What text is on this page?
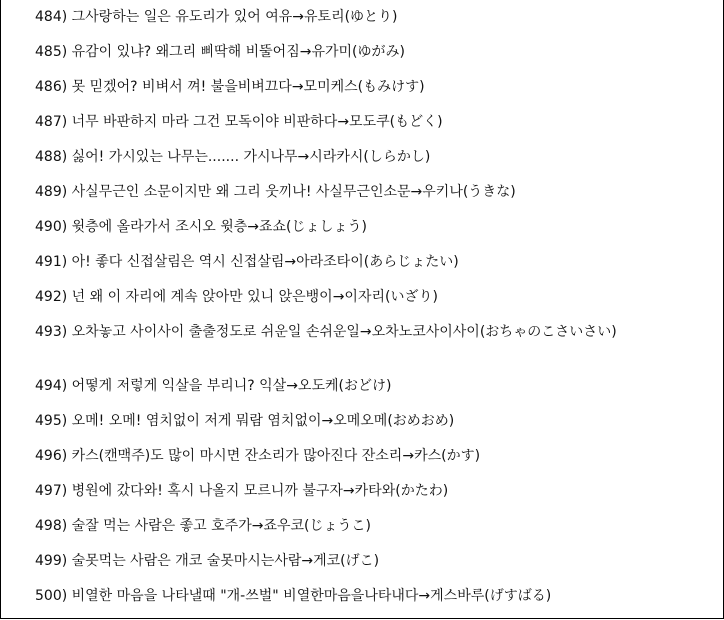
484) 그사랑하는 일은 유도리가 있어 여유→유토리(ゆとり)
485) 유감이 있냐? 왜그리 삐딱해 비뚤어짐→유가미(ゆがみ)
486) 못 믿겠어? 비벼서 껴! 불을비벼끄다→모미케스(もみけす)
487) 너무 바판하지 마라 그건 모독이야 비판하다→모도쿠(もどく)
488) 싫어! 가시있는 나무는....... 가시나무→시라카시(しらかし)
489) 사실무근인 소문이지만 왜 그리 웃끼나! 사실무근인소문→우키나(うきな)
490) 윗층에 올라가서 조시오 윗층→죠쇼(じょしょう)
491) 아! 좋다 신접살림은 역시 신접살림→아라조타이(あらじょたい)
492) 넌 왜 이 자리에 계속 앉아만 있니 앉은뱅이→이자리(いざり)
493) 오차놓고 사이사이 출출정도로 쉬운일 손쉬운일→오차노코사이사이(おちゃのこさいさい)
494) 어떻게 저렇게 익살을 부리니? 익살→오도케(おどけ)
495) 오메! 오메! 염치없이 저게 뭐람 염치없이→오메오메(おめおめ)
496) 카스(캔맥주)도 많이 마시면 잔소리가 많아진다 잔소리→카스(かす)
497) 병원에 갔다와! 혹시 나올지 모르니까 불구자→카타와(かたわ)
498) 술잘 먹는 사람은 좋고 호주가→죠우코(じょうこ)
499) 술못먹는 사람은 개코 술못마시는사람→게코(げこ)
500) 비열한 마음을 나타낼때 "개-쓰벌" 비열한마음을나타내다→게스바루(げすばる)
